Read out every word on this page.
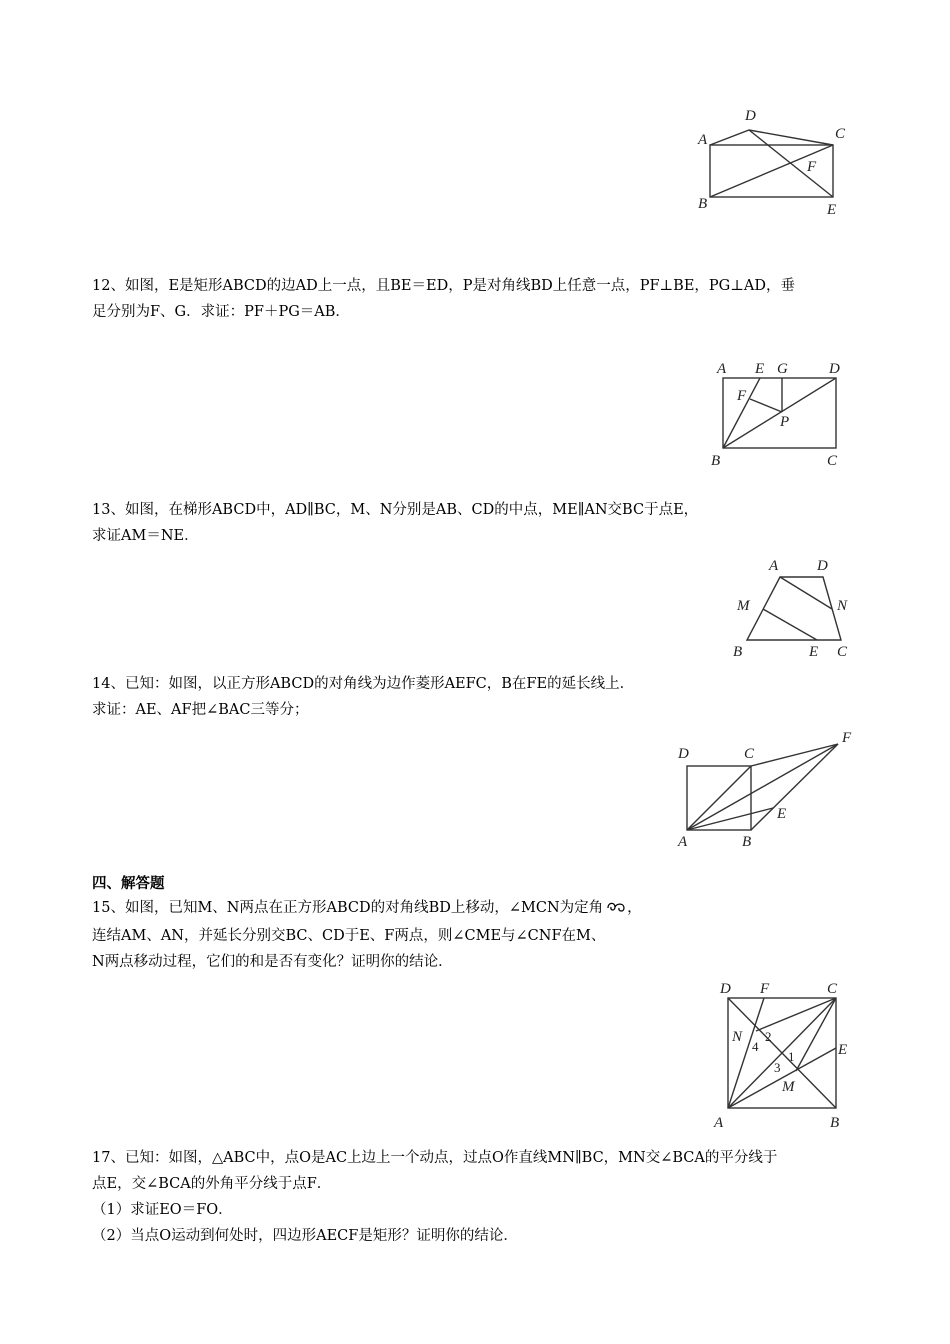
A
D
C
F
B	E
12、如图，E是矩形ABCD的边AD上一点，且BE＝ED，P是对角线BD上任意一点，PF⊥BE，PG⊥AD，垂
足分别为F、G．求证：PF＋PG＝AB．
A E G	D
F
P
B	C
13、如图，在梯形ABCD中，AD∥BC，M、N分别是AB、CD的中点，ME∥AN交BC于点E，
求证AM＝NE．
A	D
M	N
B	E C
14、已知：如图，以正方形ABCD的对角线为边作菱形AEFC，B在FE的延长线上．
求证：AE、AF把∠BAC三等分；
D	C
F
E
A	B
四、解答题
15、如图，已知M、N两点在正方形ABCD的对角线BD上移动，∠MCN为定角 ，
连结AM、AN，并延长分别交BC、CD于E、F两点，则∠CME与∠CNF在M、
N两点移动过程，它们的和是否有变化？证明你的结论．
D F	C
N 2
4
1	E
3
M
A	B
17、已知：如图，△ABC中，点O是AC上边上一个动点，过点O作直线MN∥BC，MN交∠BCA的平分线于
点E，交∠BCA的外角平分线于点F．
（1）求证EO＝FO．
（2）当点O运动到何处时，四边形AECF是矩形？证明你的结论．
